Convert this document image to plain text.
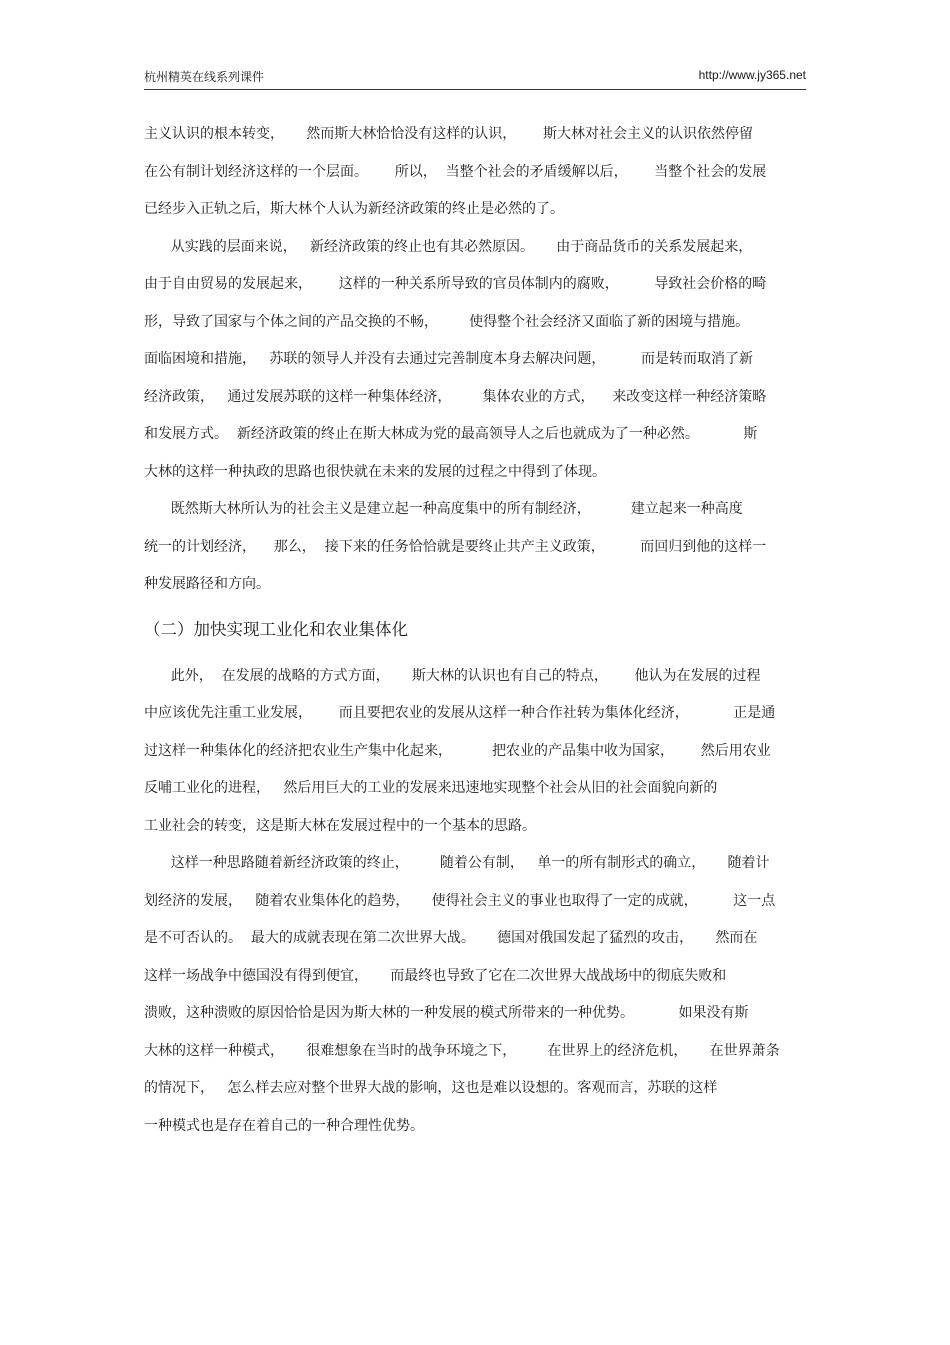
杭州精英在线系列课件	http://www.jy365.net
主义认识的根本转变，     然而斯大林恰恰没有这样的认识，      斯大林对社会主义的认识依然停留
在公有制计划经济这样的一个层面。      所以，  当整个社会的矛盾缓解以后，      当整个社会的发展
已经步入正轨之后，斯大林个人认为新经济政策的终止是必然的了。
从实践的层面来说，   新经济政策的终止也有其必然原因。     由于商品货币的关系发展起来，
由于自由贸易的发展起来，      这样的一种关系所导致的官员体制内的腐败，        导致社会价格的畸
形，导致了国家与个体之间的产品交换的不畅，       使得整个社会经济又面临了新的困境与措施。
面临困境和措施，   苏联的领导人并没有去通过完善制度本身去解决问题，        而是转而取消了新
经济政策，   通过发展苏联的这样一种集体经济，       集体农业的方式，    来改变这样一种经济策略
和发展方式。  新经济政策的终止在斯大林成为党的最高领导人之后也就成为了一种必然。          斯
大林的这样一种执政的思路也很快就在未来的发展的过程之中得到了体现。
既然斯大林所认为的社会主义是建立起一种高度集中的所有制经济，         建立起来一种高度
统一的计划经济，    那么，  接下来的任务恰恰就是要终止共产主义政策，        而回归到他的这样一
种发展路径和方向。
（二）加快实现工业化和农业集体化
此外，  在发展的战略的方式方面，     斯大林的认识也有自己的特点，      他认为在发展的过程
中应该优先注重工业发展，      而且要把农业的发展从这样一种合作社转为集体化经济，          正是通
过这样一种集体化的经济把农业生产集中化起来，         把农业的产品集中收为国家，      然后用农业
反哺工业化的进程，   然后用巨大的工业的发展来迅速地实现整个社会从旧的社会面貌向新的
工业社会的转变，这是斯大林在发展过程中的一个基本的思路。
这样一种思路随着新经济政策的终止，       随着公有制，   单一的所有制形式的确立，     随着计
划经济的发展，   随着农业集体化的趋势，     使得社会主义的事业也取得了一定的成就，        这一点
是不可否认的。  最大的成就表现在第二次世界大战。     德国对俄国发起了猛烈的攻击，     然而在
这样一场战争中德国没有得到便宜，     而最终也导致了它在二次世界大战战场中的彻底失败和
溃败，这种溃败的原因恰恰是因为斯大林的一种发展的模式所带来的一种优势。          如果没有斯
大林的这样一种模式，     很难想象在当时的战争环境之下，       在世界上的经济危机，     在世界萧条
的情况下，   怎么样去应对整个世界大战的影响，这也是难以设想的。客观而言，苏联的这样
一种模式也是存在着自己的一种合理性优势。
